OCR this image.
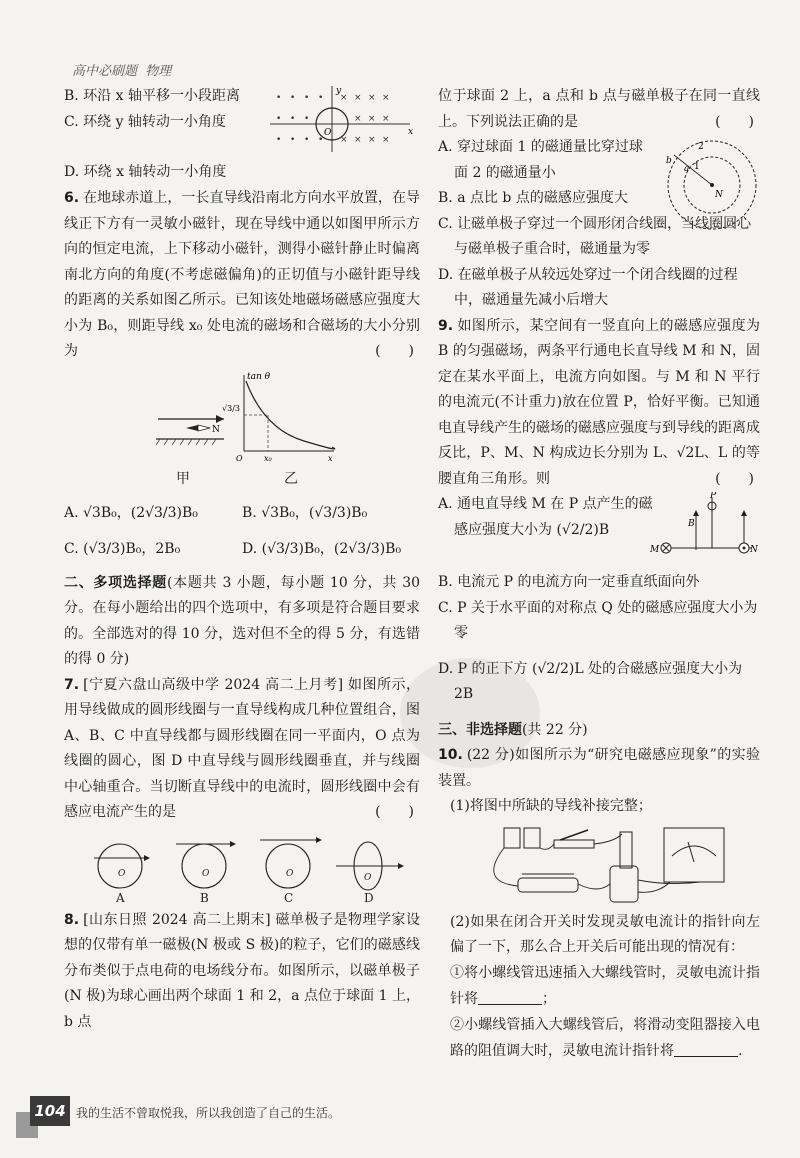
高中必刷题 物理

B. 环沿 x 轴平移一小段距离

C. 环绕 y 轴转动一小角度

• • • •
• • •
• • • •
× × × ×
× × ×
× × × ×
O	x
y

D. 环绕 x 轴转动一小角度

6. 在地球赤道上，一长直导线沿南北方向水平放置，在导线正下方有一灵敏小磁针，现在导线中通以如图甲所示方向的恒定电流，上下移动小磁针，测得小磁针静止时偏离南北方向的角度(不考虑磁偏角)的正切值与小磁针距导线的距离的关系如图乙所示。已知该处地磁场磁感应强度大小为 B₀，则距导线 x₀ 处电流的磁场和合磁场的大小分别为	(　　)

N
tan θ
√3/3
x₀
O	x
甲	乙
A. √3B₀，(2√3/3)B₀	B. √3B₀，(√3/3)B₀
C. (√3/3)B₀，2B₀	D. (√3/3)B₀，(2√3/3)B₀

二、多项选择题(本题共 3 小题，每小题 10 分，共 30 分。在每小题给出的四个选项中，有多项是符合题目要求的。全部选对的得 10 分，选对但不全的得 5 分，有选错的得 0 分)

7. [宁夏六盘山高级中学 2024 高二上月考] 如图所示，用导线做成的圆形线圈与一直导线构成几种位置组合，图 A、B、C 中直导线都与圆形线圈在同一平面内，O 点为线圈的圆心，图 D 中直导线与圆形线圈垂直，并与线圈中心轴重合。当切断直导线中的电流时，圆形线圈中会有感应电流产生的是	(　　)

O	O	O	O
A	B	C	D

8. [山东日照 2024 高二上期末] 磁单极子是物理学家设想的仅带有单一磁极(N 极或 S 极)的粒子，它们的磁感线分布类似于点电荷的电场线分布。如图所示，以磁单极子(N 极)为球心画出两个球面 1 和 2，a 点位于球面 1 上，b 点

位于球面 2 上，a 点和 b 点与磁单极子在同一直线上。下列说法正确的是	(　　)

N
1
2
a
b

A. 穿过球面 1 的磁通量比穿过球面 2 的磁通量小

B. a 点比 b 点的磁感应强度大

C. 让磁单极子穿过一个圆形闭合线圈，当线圈圆心与磁单极子重合时，磁通量为零

D. 在磁单极子从较远处穿过一个闭合线圈的过程中，磁通量先减小后增大

9. 如图所示，某空间有一竖直向上的磁感应强度为 B 的匀强磁场，两条平行通电长直导线 M 和 N，固定在某水平面上，电流方向如图。与 M 和 N 平行的电流元(不计重力)放在位置 P，恰好平衡。已知通电直导线产生的磁场的磁感应强度与到导线的距离成反比，P、M、N 构成边长分别为 L、√2L、L 的等腰直角三角形。则	(　　)

A. 通电直导线 M 在 P 点产生的磁感应强度大小为 (√2/2)B

P
B
M	N

B. 电流元 P 的电流方向一定垂直纸面向外

C. P 关于水平面的对称点 Q 处的磁感应强度大小为零

D. P 的正下方 (√2/2)L 处的合磁感应强度大小为 2B

三、非选择题(共 22 分)

10. (22 分)如图所示为“研究电磁感应现象”的实验装置。

(1)将图中所缺的导线补接完整；

(2)如果在闭合开关时发现灵敏电流计的指针向左偏了一下，那么合上开关后可能出现的情况有：

①将小螺线管迅速插入大螺线管时，灵敏电流计指针将	；

②小螺线管插入大螺线管后，将滑动变阻器接入电路的阻值调大时，灵敏电流计指针将	.

104 我的生活不曾取悦我，所以我创造了自己的生活。
